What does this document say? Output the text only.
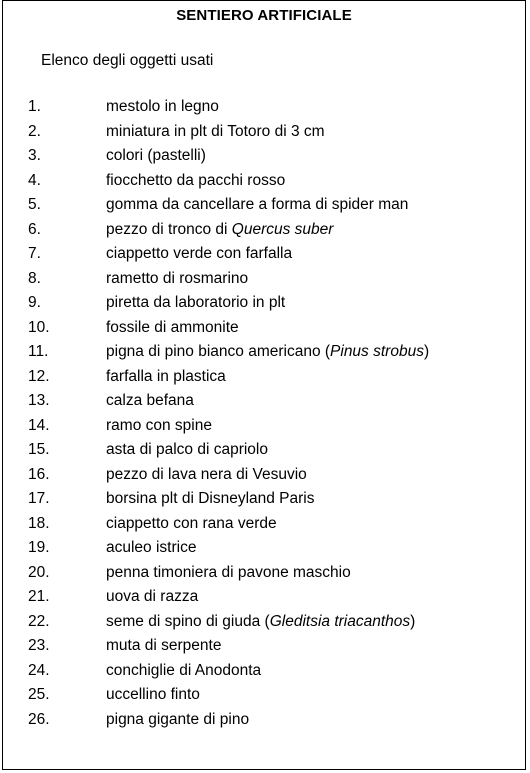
SENTIERO ARTIFICIALE
Elenco degli oggetti usati
1.	mestolo in legno
2.	miniatura in plt di Totoro di 3 cm
3.	colori (pastelli)
4.	fiocchetto da pacchi rosso
5.	gomma da cancellare a forma di spider man
6.	pezzo di tronco di Quercus suber
7.	ciappetto verde con farfalla
8.	rametto di rosmarino
9.	piretta da laboratorio in plt
10.	fossile di ammonite
11.	pigna di pino bianco americano (Pinus strobus)
12.	farfalla in plastica
13.	calza befana
14.	ramo con spine
15.	asta di palco di capriolo
16.	pezzo di lava nera di Vesuvio
17.	borsina plt di Disneyland Paris
18.	ciappetto con rana verde
19.	aculeo istrice
20.	penna timoniera di pavone maschio
21.	uova di razza
22.	seme di spino di giuda (Gleditsia triacanthos)
23.	muta di serpente
24.	conchiglie di Anodonta
25.	uccellino finto
26.	pigna gigante di pino
